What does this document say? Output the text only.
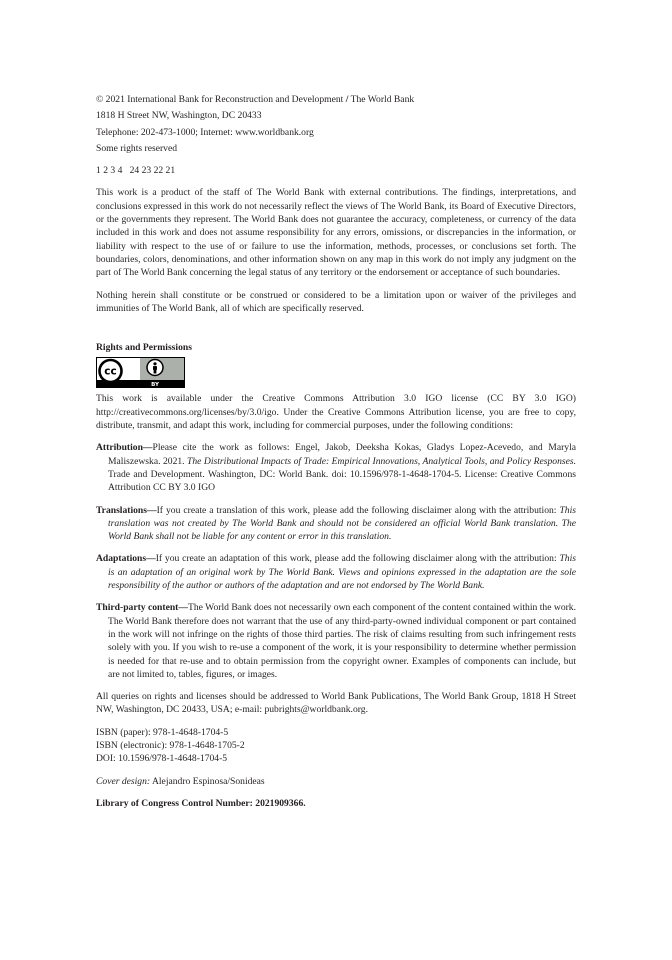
© 2021 International Bank for Reconstruction and Development / The World Bank

1818 H Street NW, Washington, DC 20433

Telephone: 202-473-1000; Internet: www.worldbank.org

Some rights reserved

1 2 3 4   24 23 22 21

This work is a product of the staff of The World Bank with external contributions. The findings, interpretations, and conclusions expressed in this work do not necessarily reflect the views of The World Bank, its Board of Executive Directors, or the governments they represent. The World Bank does not guarantee the accuracy, completeness, or currency of the data included in this work and does not assume responsibility for any errors, omissions, or discrepancies in the information, or liability with respect to the use of or failure to use the information, methods, processes, or conclusions set forth. The boundaries, colors, denominations, and other information shown on any map in this work do not imply any judgment on the part of The World Bank concerning the legal status of any territory or the endorsement or acceptance of such boundaries.

Nothing herein shall constitute or be construed or considered to be a limitation upon or waiver of the privileges and immunities of The World Bank, all of which are specifically reserved.

Rights and Permissions

cc
BY

This work is available under the Creative Commons Attribution 3.0 IGO license (CC BY 3.0 IGO) http://creativecommons.org/licenses/by/3.0/igo. Under the Creative Commons Attribution license, you are free to copy, distribute, transmit, and adapt this work, including for commercial purposes, under the following conditions:

Attribution—Please cite the work as follows: Engel, Jakob, Deeksha Kokas, Gladys Lopez-Acevedo, and Maryla Maliszewska. 2021. The Distributional Impacts of Trade: Empirical Innovations, Analytical Tools, and Policy Responses. Trade and Development. Washington, DC: World Bank. doi: 10.1596/978-1-4648-1704-5. License: Creative Commons Attribution CC BY 3.0 IGO

Translations—If you create a translation of this work, please add the following disclaimer along with the attribution: This translation was not created by The World Bank and should not be considered an official World Bank translation. The World Bank shall not be liable for any content or error in this translation.

Adaptations—If you create an adaptation of this work, please add the following disclaimer along with the attribution: This is an adaptation of an original work by The World Bank. Views and opinions expressed in the adaptation are the sole responsibility of the author or authors of the adaptation and are not endorsed by The World Bank.

Third-party content—The World Bank does not necessarily own each component of the content contained within the work. The World Bank therefore does not warrant that the use of any third-party-owned individual component or part contained in the work will not infringe on the rights of those third parties. The risk of claims resulting from such infringement rests solely with you. If you wish to re-use a component of the work, it is your responsibility to determine whether permission is needed for that re-use and to obtain permission from the copyright owner. Examples of components can include, but are not limited to, tables, figures, or images.

All queries on rights and licenses should be addressed to World Bank Publications, The World Bank Group, 1818 H Street NW, Washington, DC 20433, USA; e-mail: pubrights@worldbank.org.

ISBN (paper): 978-1-4648-1704-5

ISBN (electronic): 978-1-4648-1705-2

DOI: 10.1596/978-1-4648-1704-5

Cover design: Alejandro Espinosa/Sonideas

Library of Congress Control Number: 2021909366.
